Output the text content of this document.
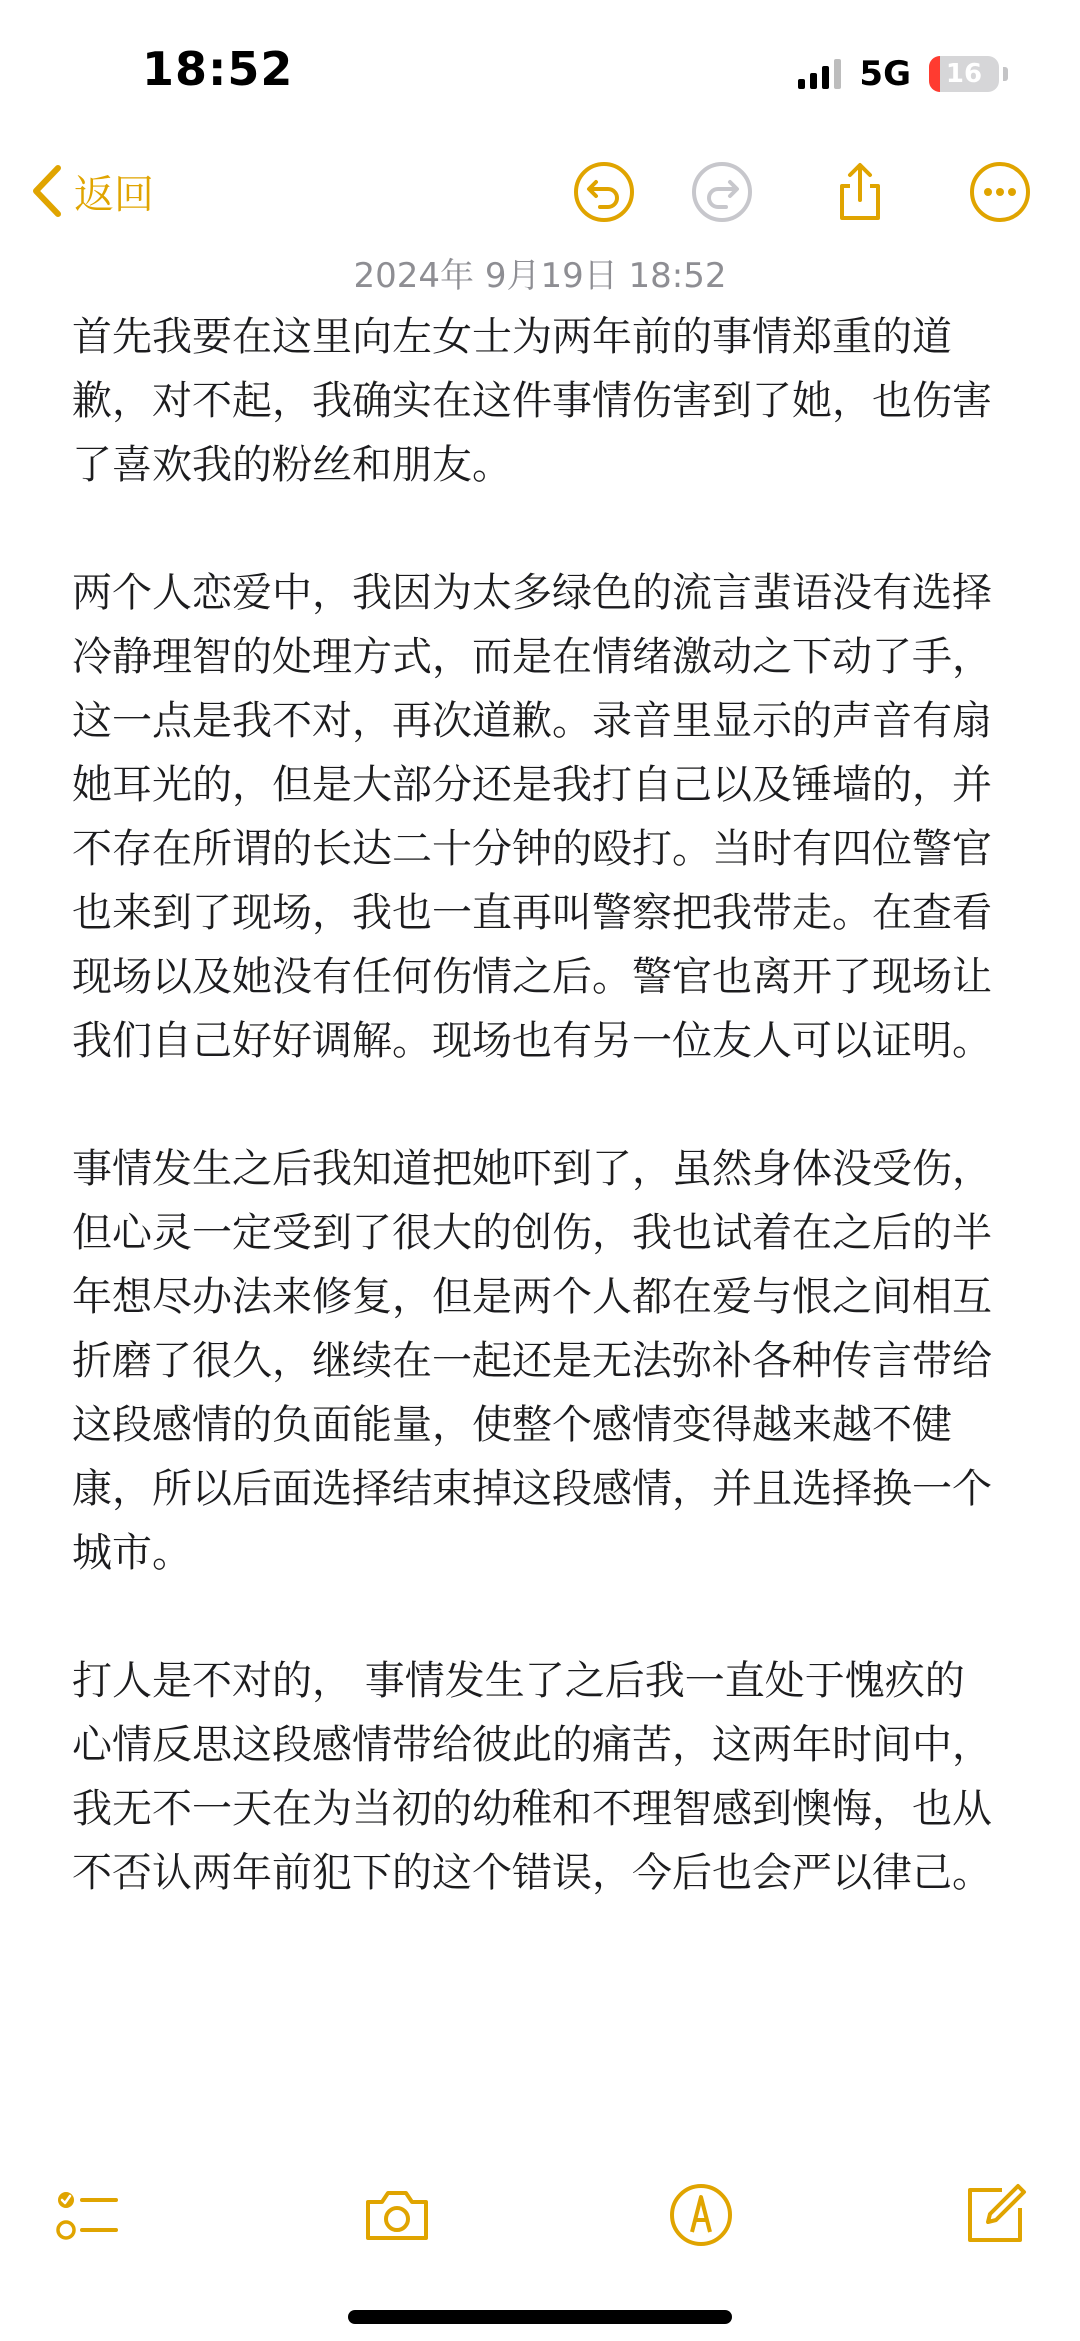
18:52	5G	16
返回
2024年 9月19日 18:52

首先我要在这里向左女士为两年前的事情郑重的道歉，对不起，我确实在这件事情伤害到了她，也伤害了喜欢我的粉丝和朋友。

两个人恋爱中，我因为太多绿色的流言蜚语没有选择冷静理智的处理方式，而是在情绪激动之下动了手，这一点是我不对，再次道歉。录音里显示的声音有扇她耳光的，但是大部分还是我打自己以及锤墙的，并不存在所谓的长达二十分钟的殴打。当时有四位警官也来到了现场，我也一直再叫警察把我带走。在查看现场以及她没有任何伤情之后。警官也离开了现场让我们自己好好调解。现场也有另一位友人可以证明。

事情发生之后我知道把她吓到了，虽然身体没受伤，但心灵一定受到了很大的创伤，我也试着在之后的半年想尽办法来修复，但是两个人都在爱与恨之间相互折磨了很久，继续在一起还是无法弥补各种传言带给这段感情的负面能量，使整个感情变得越来越不健康，所以后面选择结束掉这段感情，并且选择换一个城市。

打人是不对的， 事情发生了之后我一直处于愧疚的心情反思这段感情带给彼此的痛苦，这两年时间中，我无不一天在为当初的幼稚和不理智感到懊悔，也从不否认两年前犯下的这个错误，今后也会严以律己。
